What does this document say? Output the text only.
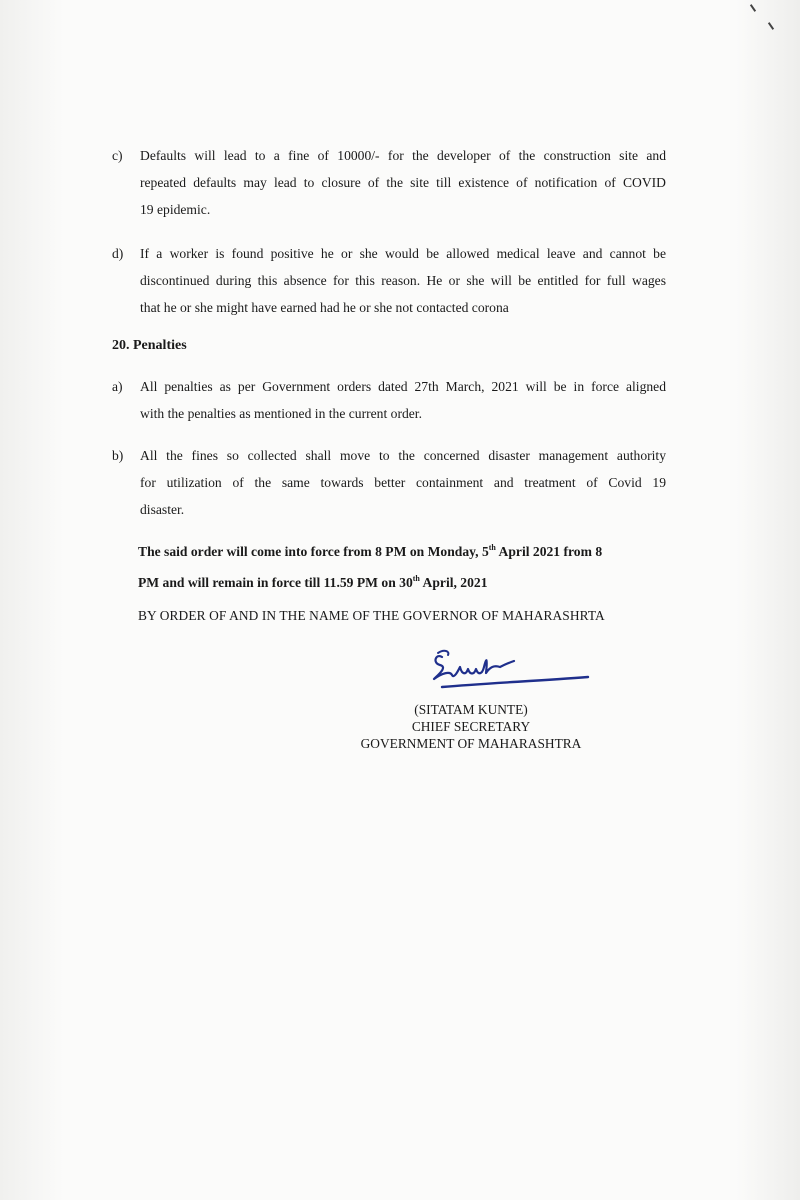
c)	Defaults will lead to a fine of 10000/- for the developer of the construction site and
repeated defaults may lead to closure of the site till existence of notification of COVID
19 epidemic.
d)	If a worker is found positive he or she would be allowed medical leave and cannot be
discontinued during this absence for this reason. He or she will be entitled for full wages
that he or she might have earned had he or she not contacted corona
20. Penalties
a)	All penalties as per Government orders dated 27th March, 2021 will be in force aligned
with the penalties as mentioned in the current order.
b)	All the fines so collected shall move to the concerned disaster management authority
for utilization of the same towards better containment and treatment of Covid 19
disaster.
The said order will come into force from 8 PM on Monday, 5th April 2021 from 8
PM and will remain in force till 11.59 PM on 30th April, 2021
BY ORDER OF AND IN THE NAME OF THE GOVERNOR OF MAHARASHRTA
(SITATAM KUNTE)
CHIEF SECRETARY
GOVERNMENT OF MAHARASHTRA
